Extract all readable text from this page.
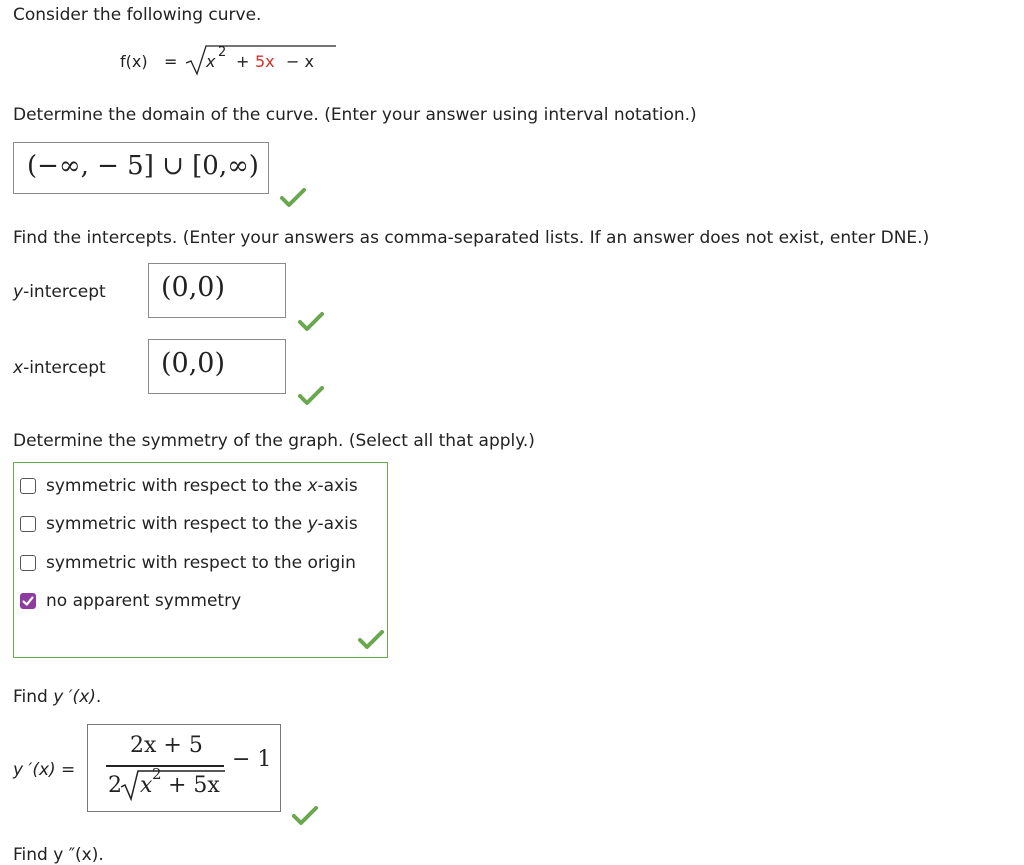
Consider the following curve.
f(x) = x 2 + 5x − x
Determine the domain of the curve. (Enter your answer using interval notation.)
(−∞, − 5] ∪ [0,∞)
Find the intercepts. (Enter your answers as comma-separated lists. If an answer does not exist, enter DNE.)
y-intercept (0,0)
x-intercept (0,0)
Determine the symmetry of the graph. (Select all that apply.)
symmetric with respect to the x-axis
symmetric with respect to the y-axis
symmetric with respect to the origin
no apparent symmetry
Find y ′(x).
y ′(x) =
2x + 5
2 x 2 + 5x
− 1
Find y ″(x).
